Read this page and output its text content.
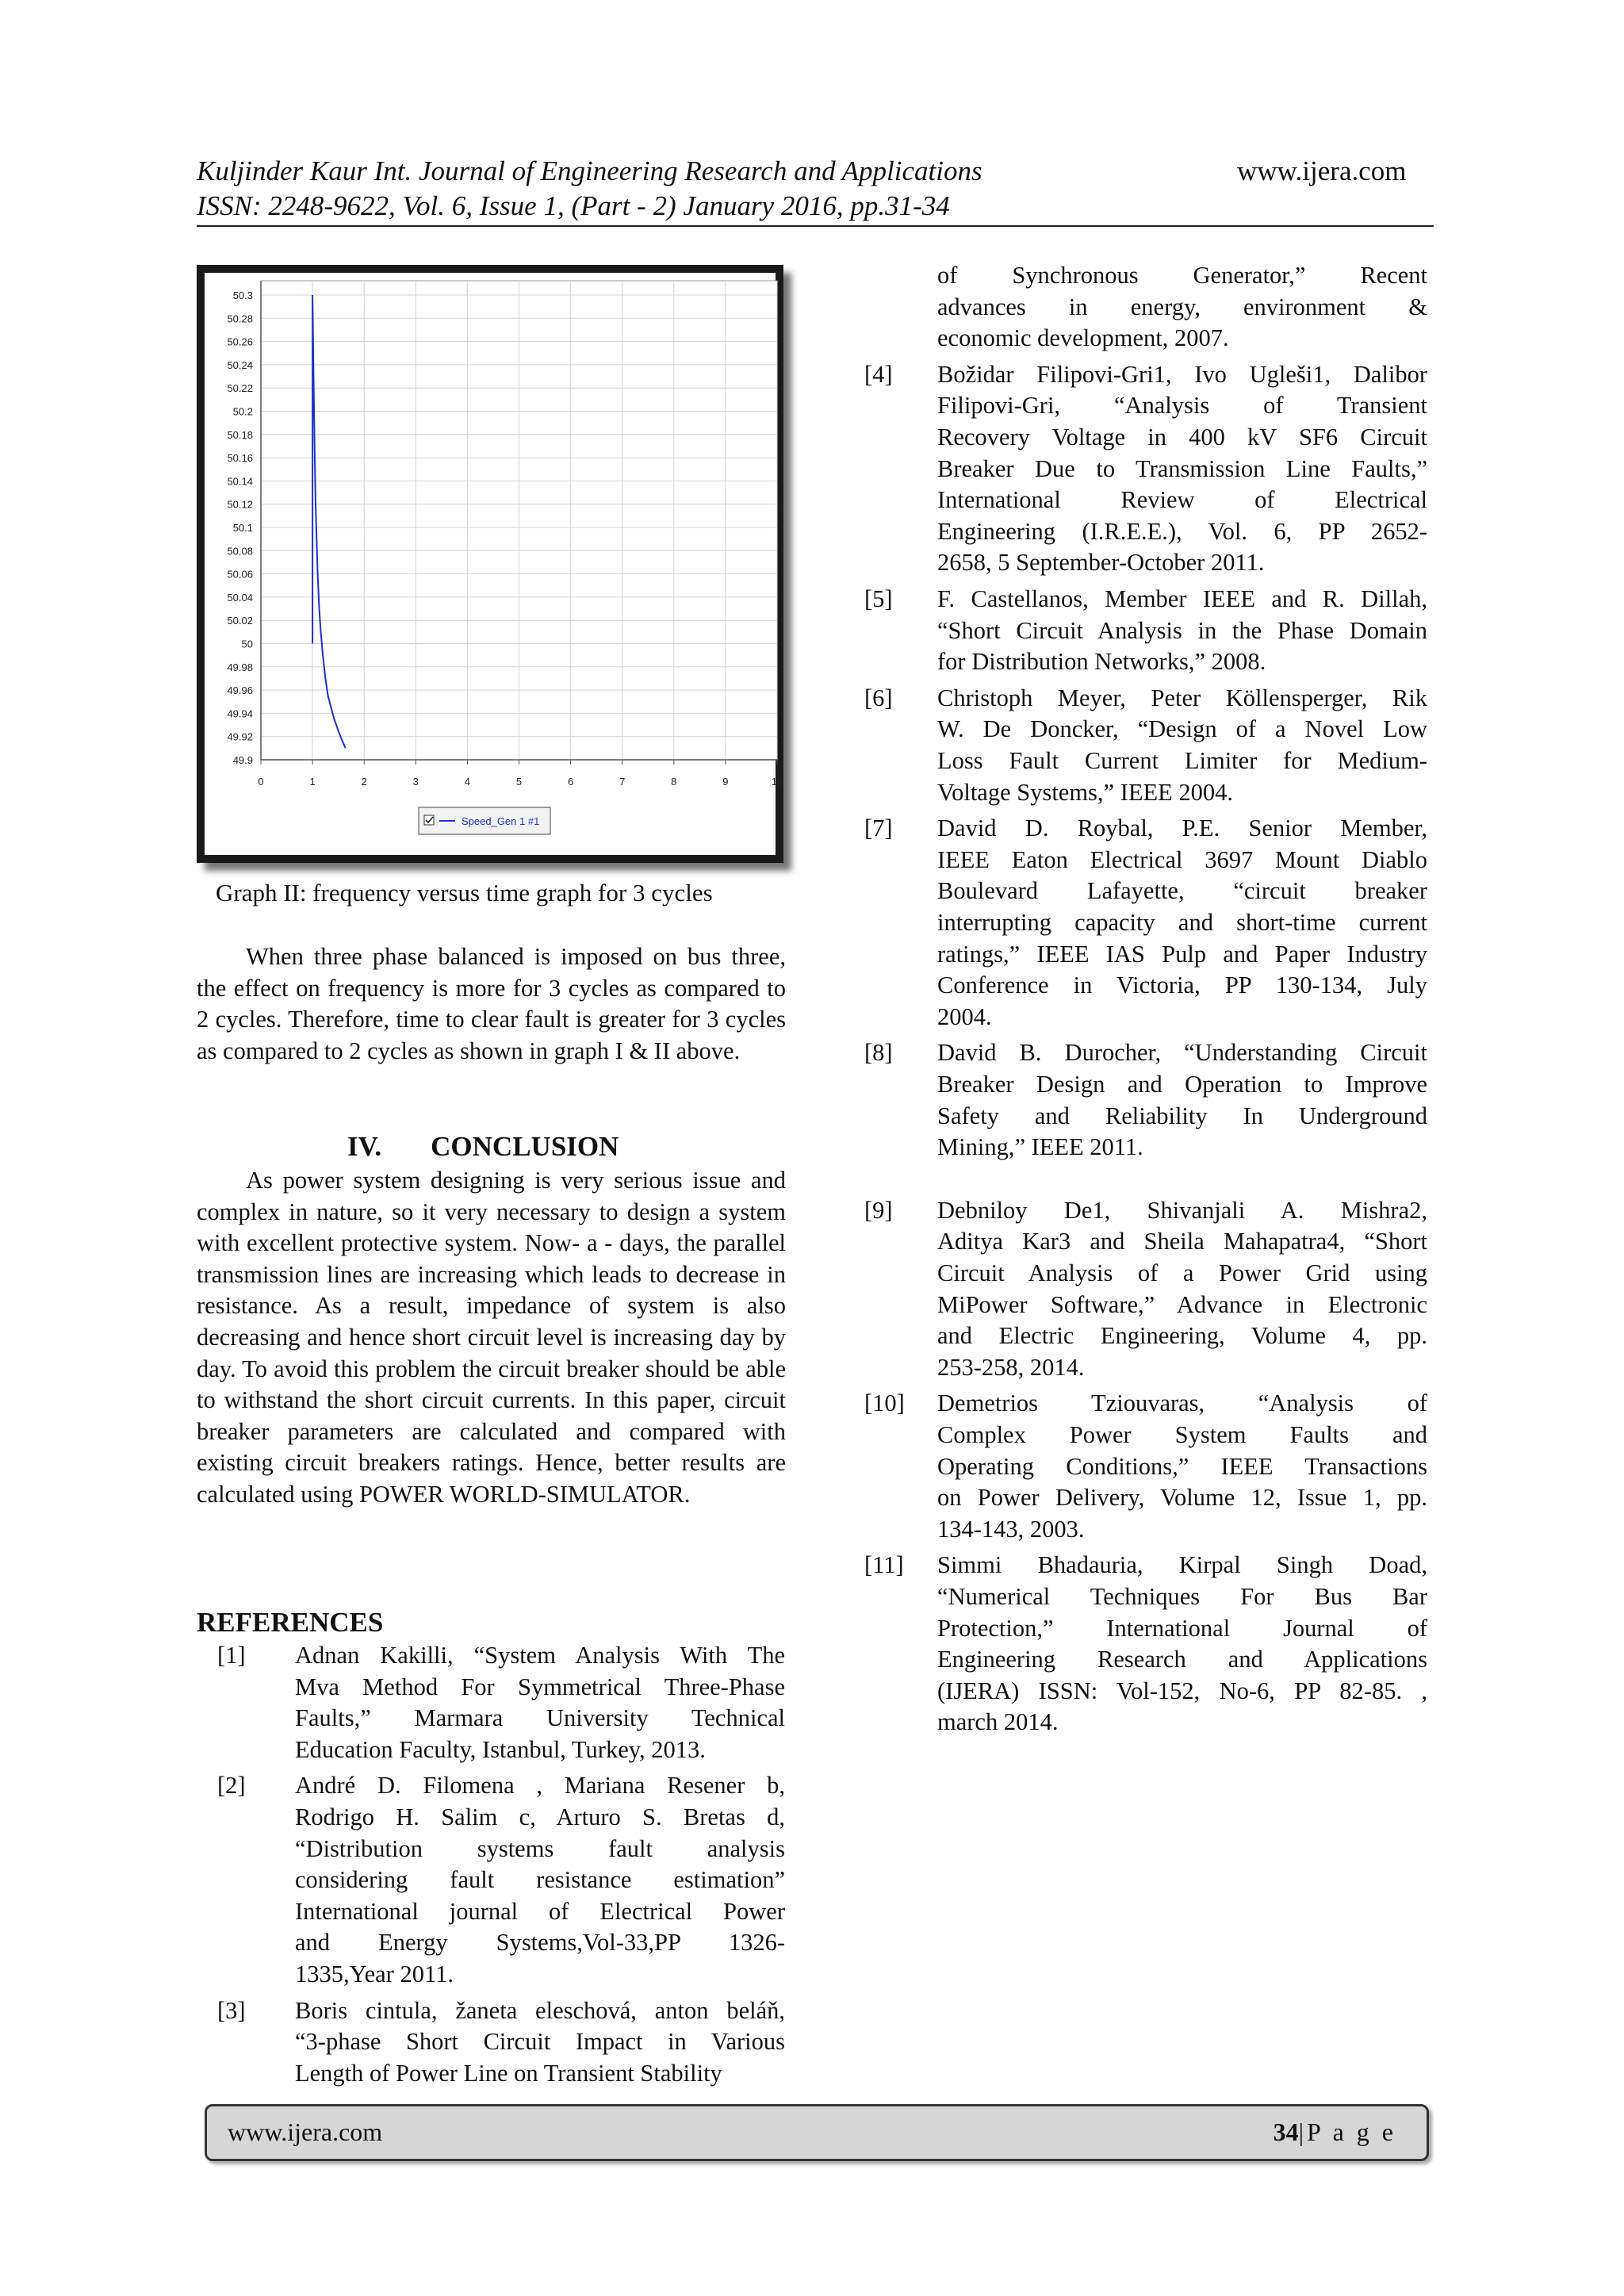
Kuljinder Kaur Int. Journal of Engineering Research and Applications
ISSN: 2248-9622, Vol. 6, Issue 1, (Part - 2) January 2016, pp.31-34
www.ijera.com
50.3
50.28
50.26
50.24
50.22
50.2
50.18
50.16
50.14
50.12
50.1
50.08
50.06
50.04
50.02
50
49.98
49.96
49.94
49.92
49.9
0	1	2	3	4	5	6	7	8	9	10
Speed_Gen 1 #1
Graph II: frequency versus time graph for 3 cycles

When three phase balanced is imposed on bus three, the effect on frequency is more for 3 cycles as compared to 2 cycles. Therefore, time to clear fault is greater for 3 cycles as compared to 2 cycles as shown in graph I & II above.

IV. CONCLUSION

As power system designing is very serious issue and complex in nature, so it very necessary to design a system with excellent protective system. Now- a - days, the parallel transmission lines are increasing which leads to decrease in resistance. As a result, impedance of system is also decreasing and hence short circuit level is increasing day by day. To avoid this problem the circuit breaker should be able to withstand the short circuit currents. In this paper, circuit breaker parameters are calculated and compared with existing circuit breakers ratings. Hence, better results are calculated using POWER WORLD-SIMULATOR.

REFERENCES
[1] Adnan Kakilli, “System Analysis With The
Mva Method For Symmetrical Three-Phase
Faults,” Marmara University Technical
Education Faculty, Istanbul, Turkey, 2013.
[2] André D. Filomena , Mariana Resener b,
Rodrigo H. Salim c, Arturo S. Bretas d,
“Distribution systems fault analysis
considering fault resistance estimation”
International journal of Electrical Power
and Energy Systems,Vol-33,PP 1326-
1335,Year 2011.
[3] Boris cintula, žaneta eleschová, anton beláň,
“3-phase Short Circuit Impact in Various
Length of Power Line on Transient Stability
of Synchronous Generator,” Recent
advances in energy, environment &
economic development, 2007.
[4] Božidar Filipovi-Gri1, Ivo Ugleši1, Dalibor
Filipovi-Gri, “Analysis of Transient
Recovery Voltage in 400 kV SF6 Circuit
Breaker Due to Transmission Line Faults,”
International Review of Electrical
Engineering (I.R.E.E.), Vol. 6, PP 2652-
2658, 5 September-October 2011.
[5] F. Castellanos, Member IEEE and R. Dillah,
“Short Circuit Analysis in the Phase Domain
for Distribution Networks,” 2008.
[6] Christoph Meyer, Peter Köllensperger, Rik
W. De Doncker, “Design of a Novel Low
Loss Fault Current Limiter for Medium-
Voltage Systems,” IEEE 2004.
[7] David D. Roybal, P.E. Senior Member,
IEEE Eaton Electrical 3697 Mount Diablo
Boulevard Lafayette, “circuit breaker
interrupting capacity and short-time current
ratings,” IEEE IAS Pulp and Paper Industry
Conference in Victoria, PP 130-134, July
2004.
[8] David B. Durocher, “Understanding Circuit
Breaker Design and Operation to Improve
Safety and Reliability In Underground
Mining,” IEEE 2011.
[9] Debniloy De1, Shivanjali A. Mishra2,
Aditya Kar3 and Sheila Mahapatra4, “Short
Circuit Analysis of a Power Grid using
MiPower Software,” Advance in Electronic
and Electric Engineering, Volume 4, pp.
253-258, 2014.
[10] Demetrios Tziouvaras, “Analysis of
Complex Power System Faults and
Operating Conditions,” IEEE Transactions
on Power Delivery, Volume 12, Issue 1, pp.
134-143, 2003.
[11] Simmi Bhadauria, Kirpal Singh Doad,
“Numerical Techniques For Bus Bar
Protection,” International Journal of
Engineering Research and Applications
(IJERA) ISSN: Vol-152, No-6, PP 82-85. ,
march 2014.
www.ijera.com	34|P a g e
